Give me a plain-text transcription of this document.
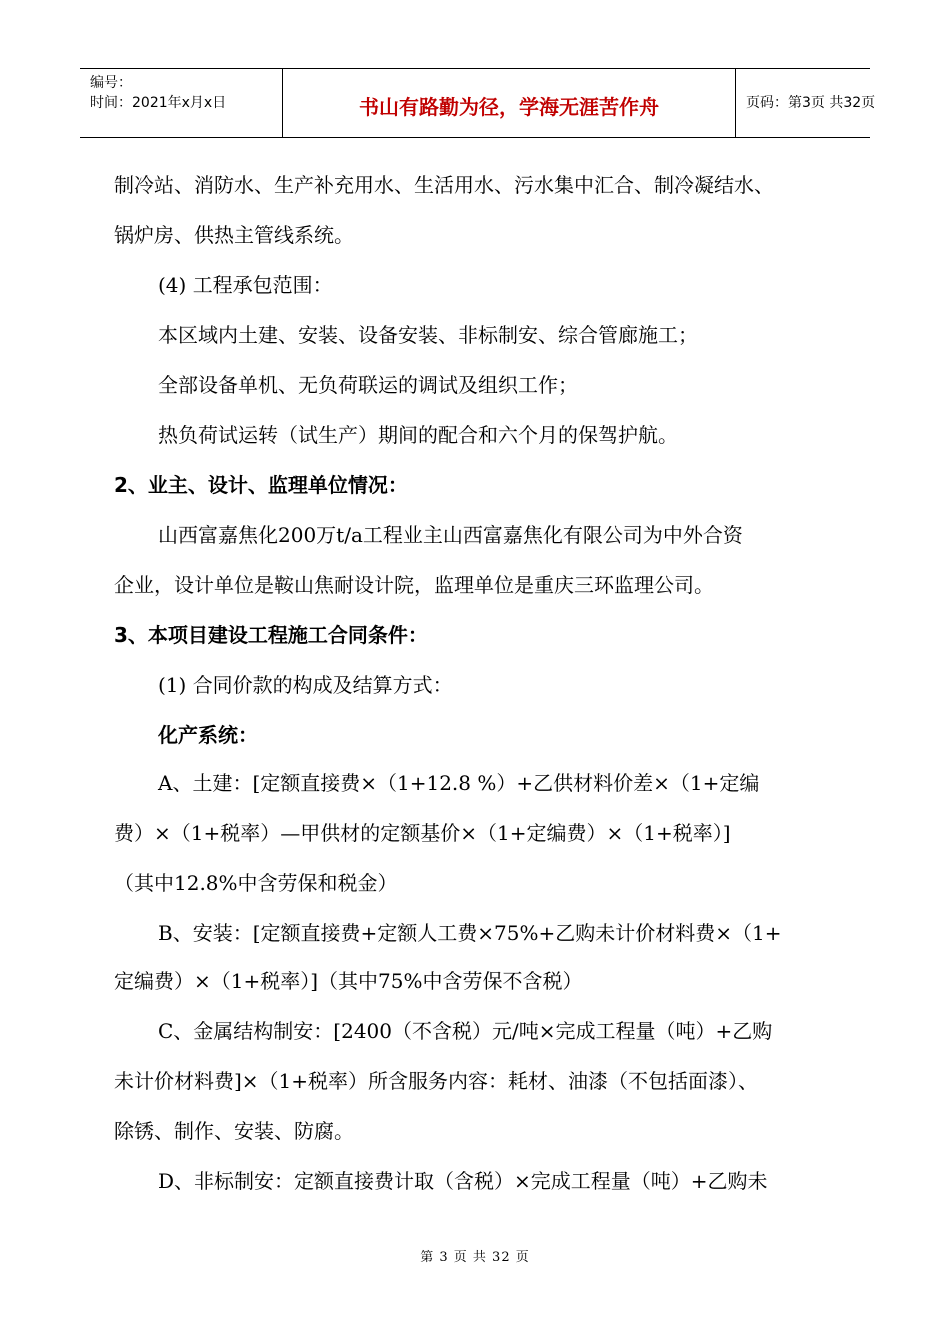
编号：
时间：2021年x月x日	书山有路勤为径，学海无涯苦作舟	页码：第3页 共32页
制冷站、消防水、生产补充用水、生活用水、污水集中汇合、制冷凝结水、
锅炉房、供热主管线系统。
(4) 工程承包范围：
本区域内土建、安装、设备安装、非标制安、综合管廊施工；
全部设备单机、无负荷联运的调试及组织工作；
热负荷试运转（试生产）期间的配合和六个月的保驾护航。
2、业主、设计、监理单位情况：
山西富嘉焦化200万t/a工程业主山西富嘉焦化有限公司为中外合资
企业，设计单位是鞍山焦耐设计院，监理单位是重庆三环监理公司。
3、本项目建设工程施工合同条件：
(1) 合同价款的构成及结算方式：
化产系统：
A、土建：[定额直接费×（1+12.8 %）+乙供材料价差×（1+定编
费）×（1+税率）—甲供材的定额基价×（1+定编费）×（1+税率）]
（其中12.8%中含劳保和税金）
B、安装：[定额直接费+定额人工费×75%+乙购未计价材料费×（1+
定编费）×（1+税率）]（其中75%中含劳保不含税）
C、金属结构制安：[2400（不含税）元/吨×完成工程量（吨）+乙购
未计价材料费]×（1+税率）所含服务内容：耗材、油漆（不包括面漆）、
除锈、制作、安装、防腐。
D、非标制安：定额直接费计取（含税）×完成工程量（吨）+乙购未
第 3 页 共 32 页
